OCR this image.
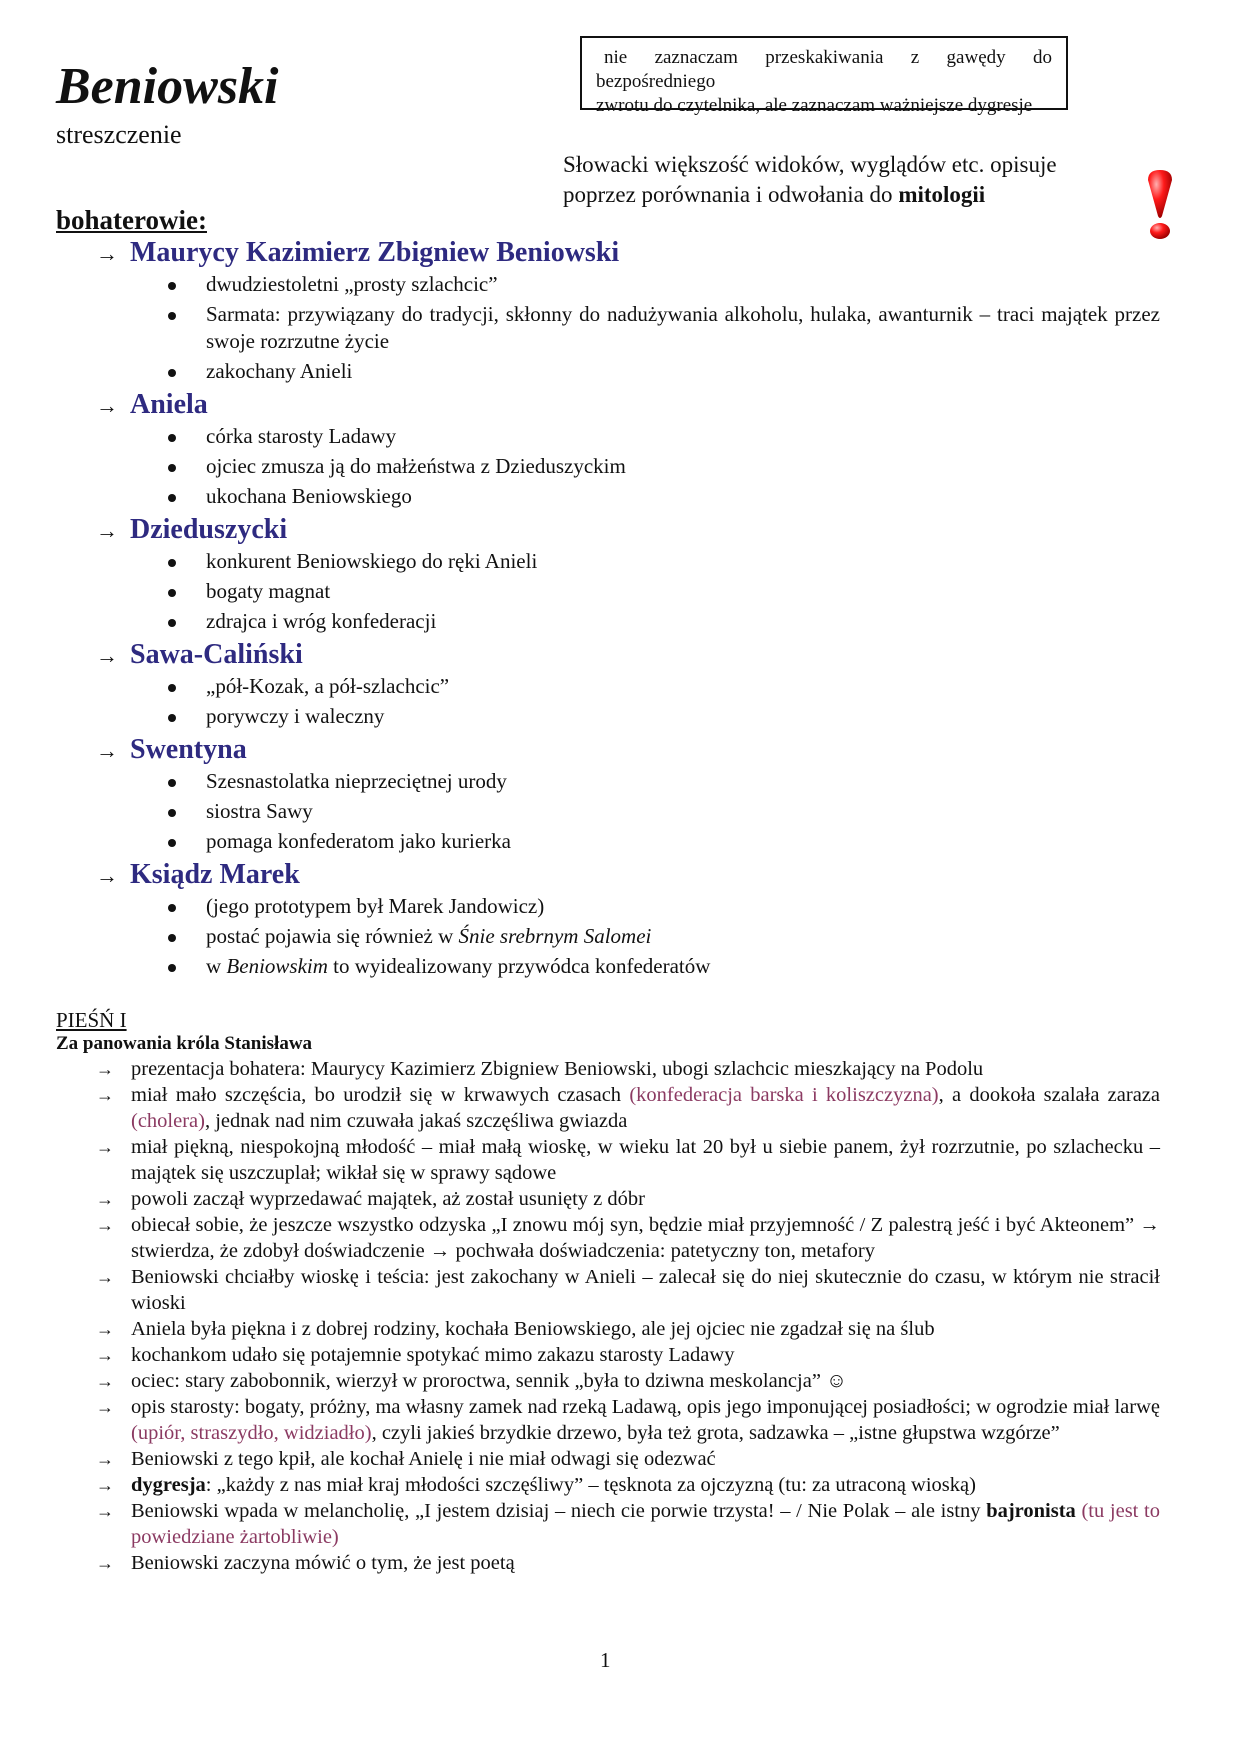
Beniowski
streszczenie
nie zaznaczam przeskakiwania z gawędy do bezpośredniego
zwrotu do czytelnika, ale zaznaczam ważniejsze dygresje
Słowacki większość widoków, wyglądów etc. opisuje poprzez porównania i odwołania do mitologii
bohaterowie:
→ Maurycy Kazimierz Zbigniew Beniowski
dwudziestoletni „prosty szlachcic”
Sarmata: przywiązany do tradycji, skłonny do nadużywania alkoholu, hulaka, awanturnik – traci majątek przez swoje rozrzutne życie
zakochany Anieli
→ Aniela
córka starosty Ladawy
ojciec zmusza ją do małżeństwa z Dzieduszyckim
ukochana Beniowskiego
→ Dzieduszycki
konkurent Beniowskiego do ręki Anieli
bogaty magnat
zdrajca i wróg konfederacji
→ Sawa-Caliński
„pół-Kozak, a pół-szlachcic”
porywczy i waleczny
→ Swentyna
Szesnastolatka nieprzeciętnej urody
siostra Sawy
pomaga konfederatom jako kurierka
→ Ksiądz Marek
(jego prototypem był Marek Jandowicz)
postać pojawia się również w Śnie srebrnym Salomei
w Beniowskim to wyidealizowany przywódca konfederatów
PIEŚŃ I
Za panowania króla Stanisława
→ prezentacja bohatera: Maurycy Kazimierz Zbigniew Beniowski, ubogi szlachcic mieszkający na Podolu
→ miał mało szczęścia, bo urodził się w krwawych czasach (konfederacja barska i koliszczyzna), a dookoła szalała zaraza (cholera), jednak nad nim czuwała jakaś szczęśliwa gwiazda
→ miał piękną, niespokojną młodość – miał małą wioskę, w wieku lat 20 był u siebie panem, żył rozrzutnie, po szlachecku – majątek się uszczuplał; wikłał się w sprawy sądowe
→ powoli zaczął wyprzedawać majątek, aż został usunięty z dóbr
→ obiecał sobie, że jeszcze wszystko odzyska „I znowu mój syn, będzie miał przyjemność / Z palestrą jeść i być Akteonem” → stwierdza, że zdobył doświadczenie → pochwała doświadczenia: patetyczny ton, metafory
→ Beniowski chciałby wioskę i teścia: jest zakochany w Anieli – zalecał się do niej skutecznie do czasu, w którym nie stracił wioski
→ Aniela była piękna i z dobrej rodziny, kochała Beniowskiego, ale jej ojciec nie zgadzał się na ślub
→ kochankom udało się potajemnie spotykać mimo zakazu starosty Ladawy
→ ociec: stary zabobonnik, wierzył w proroctwa, sennik „była to dziwna meskolancja” ☺
→ opis starosty: bogaty, próżny, ma własny zamek nad rzeką Ladawą, opis jego imponującej posiadłości; w ogrodzie miał larwę (upiór, straszydło, widziadło), czyli jakieś brzydkie drzewo, była też grota, sadzawka – „istne głupstwa wzgórze”
→ Beniowski z tego kpił, ale kochał Anielę i nie miał odwagi się odezwać
→ dygresja: „każdy z nas miał kraj młodości szczęśliwy” – tęsknota za ojczyzną (tu: za utraconą wioską)
→ Beniowski wpada w melancholię, „I jestem dzisiaj – niech cie porwie trzysta! – / Nie Polak – ale istny bajronista (tu jest to powiedziane żartobliwie)
→ Beniowski zaczyna mówić o tym, że jest poetą
1
